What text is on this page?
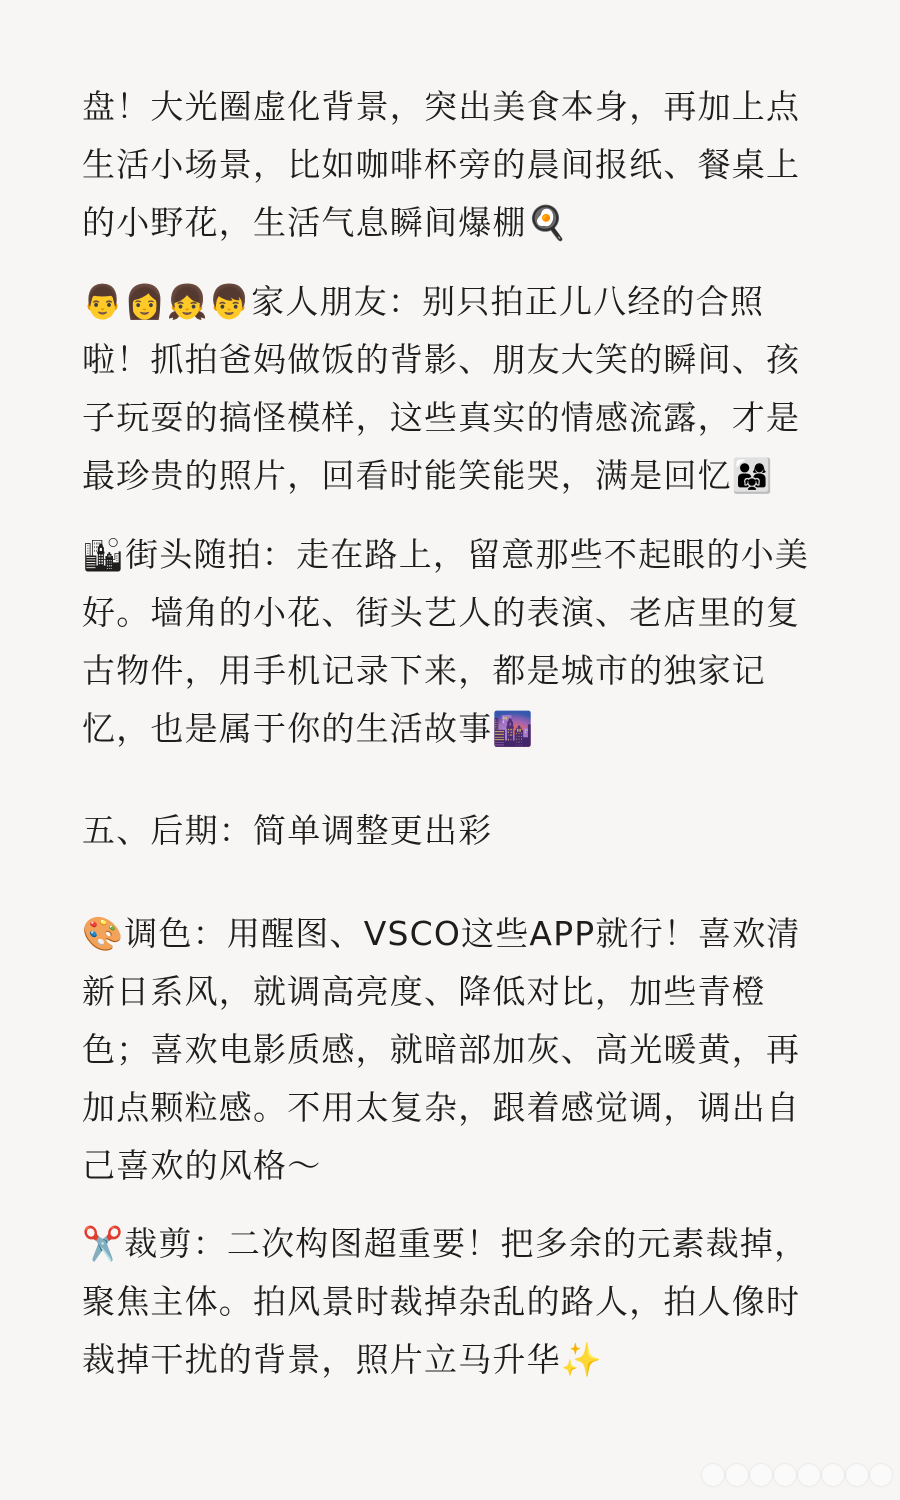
盘！大光圈虚化背景，突出美食本身，再加上点
生活小场景，比如咖啡杯旁的晨间报纸、餐桌上
的小野花，生活气息瞬间爆棚🍳
👨👩👧👦家人朋友：别只拍正儿八经的合照
啦！抓拍爸妈做饭的背影、朋友大笑的瞬间、孩
子玩耍的搞怪模样，这些真实的情感流露，才是
最珍贵的照片，回看时能笑能哭，满是回忆👨‍👩‍👧
🏙街头随拍：走在路上，留意那些不起眼的小美
好。墙角的小花、街头艺人的表演、老店里的复
古物件，用手机记录下来，都是城市的独家记
忆，也是属于你的生活故事🌆
五、后期：简单调整更出彩
🎨调色：用醒图、VSCO这些APP就行！喜欢清
新日系风，就调高亮度、降低对比，加些青橙
色；喜欢电影质感，就暗部加灰、高光暖黄，再
加点颗粒感。不用太复杂，跟着感觉调，调出自
己喜欢的风格～
✂️裁剪：二次构图超重要！把多余的元素裁掉，
聚焦主体。拍风景时裁掉杂乱的路人，拍人像时
裁掉干扰的背景，照片立马升华✨
